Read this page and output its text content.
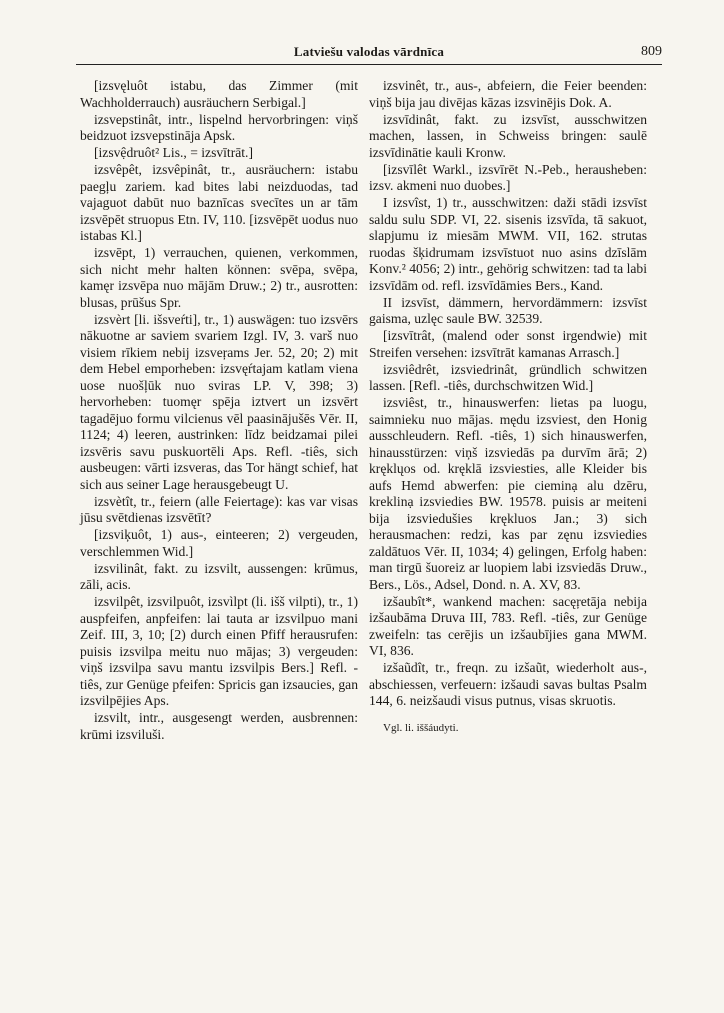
Latviešu valodas vārdnīca	809

[izsvęluôt istabu, das Zimmer (mit Wachholderrauch) ausräuchern Serbigal.]

izsvepstinât, intr., lispelnd hervorbringen: viņš beidzuot izsvepstināja Apsk.

[izsvệdruôt² Lis., = izsvītrāt.]

izsvêpêt, izsvêpinât, tr., ausräuchern: istabu paegļu zariem. kad bites labi neizduodas, tad vajaguot dabūt nuo baznīcas svecītes un ar tām izsvēpēt struopus Etn. IV, 110. [izsvēpēt uodus nuo istabas Kl.]

izsvēpt, 1) verrauchen, quienen, verkommen, sich nicht mehr halten können: svēpa, svēpa, kamęr izsvēpa nuo mājām Druw.; 2) tr., ausrotten: blusas, prūšus Spr.

izsvèrt [li. išsveŕti], tr., 1) auswägen: tuo izsvērs nākuotne ar saviem svariem Izgl. IV, 3. varš nuo visiem rīkiem nebij izsveŗams Jer. 52, 20; 2) mit dem Hebel emporheben: izsvęŕtajam katlam viena uose nuošļūk nuo sviras LP. V, 398; 3) hervorheben: tuomęr spēja iztvert un izsvērt tagadējuo formu vilcienus vēl paasinājušēs Vēr. II, 1124; 4) leeren, austrinken: līdz beidzamai pilei izsvēris savu puskuortēli Aps. Refl. -tiês, sich ausbeugen: vārti izsveras, das Tor hängt schief, hat sich aus seiner Lage herausgebeugt U.

izsvètît, tr., feiern (alle Feiertage): kas var visas jūsu svētdienas izsvētīt?

[izsviķuôt, 1) aus-, einteeren; 2) vergeuden, verschlemmen Wid.]

izsvilinât, fakt. zu izsvilt, aussengen: krūmus, zāli, acis.

izsvilpêt, izsvilpuôt, izsvìlpt (li. išš vilpti), tr., 1) auspfeifen, anpfeifen: lai tauta ar izsvilpuo mani Zeif. III, 3, 10; [2) durch einen Pfiff herausrufen: puisis izsvilpa meitu nuo mājas; 3) vergeuden: viņš izsvilpa savu mantu izsvilpis Bers.] Refl. -tiês, zur Genüge pfeifen: Spricis gan izsaucies, gan izsvilpējies Aps.

izsvilt, intr., ausgesengt werden, ausbrennen: krūmi izsviluši.

izsvinêt, tr., aus-, abfeiern, die Feier beenden: viņš bija jau divējas kāzas izsvinējis Dok. A.

izsvīdinât, fakt. zu izsvīst, ausschwitzen machen, lassen, in Schweiss bringen: saulē izsvīdinātie kauli Kronw.

[izsvīlêt Warkl., izsvīrēt N.-Peb., herausheben: izsv. akmeni nuo duobes.]

I izsvîst, 1) tr., ausschwitzen: daži stādi izsvīst saldu sulu SDP. VI, 22. sisenis izsvīda, tā sakuot, slapjumu iz miesām MWM. VII, 162. strutas ruodas šķidrumam izsvīstuot nuo asins dzīslām Konv.² 4056; 2) intr., gehörig schwitzen: tad ta labi izsvīdām od. refl. izsvīdāmies Bers., Kand.

II izsvīst, dämmern, hervordämmern: izsvīst gaisma, uzlęc saule BW. 32539.

[izsvītrât, (malend oder sonst irgendwie) mit Streifen versehen: izsvītrāt kamanas Arrasch.]

izsviêdrêt, izsviedrinât, gründlich schwitzen lassen. [Refl. -tiês, durchschwitzen Wid.]

izsviêst, tr., hinauswerfen: lietas pa luogu, saimnieku nuo mājas. mędu izsviest, den Honig ausschleudern. Refl. -tiês, 1) sich hinauswerfen, hinausstürzen: viņš izsviedās pa durvīm ārā; 2) kręklųos od. kręklā izsviesties, alle Kleider bis aufs Hemd abwerfen: pie cieminạ alu dzēru, kreklinạ izsviedies BW. 19578. puisis ar meiteni bija izsviedušies krękluos Jan.; 3) sich herausmachen: redzi, kas par zęnu izsviedies zaldātuos Vēr. II, 1034; 4) gelingen, Erfolg haben: man tirgū šuoreiz ar luopiem labi izsviedās Druw., Bers., Lös., Adsel, Dond. n. A. XV, 83.

izšaubît*, wankend machen: sacęŗetāja nebija izšaubāma Druva III, 783. Refl. -tiês, zur Genüge zweifeln: tas cerējis un izšaubījies gana MWM. VI, 836.

izšaũdît, tr., freqn. zu izšaũt, wiederholt aus-, abschiessen, verfeuern: izšaudi savas bultas Psalm 144, 6. neizšaudi visus putnus, visas skruotis.

Vgl. li. iššáudyti.
